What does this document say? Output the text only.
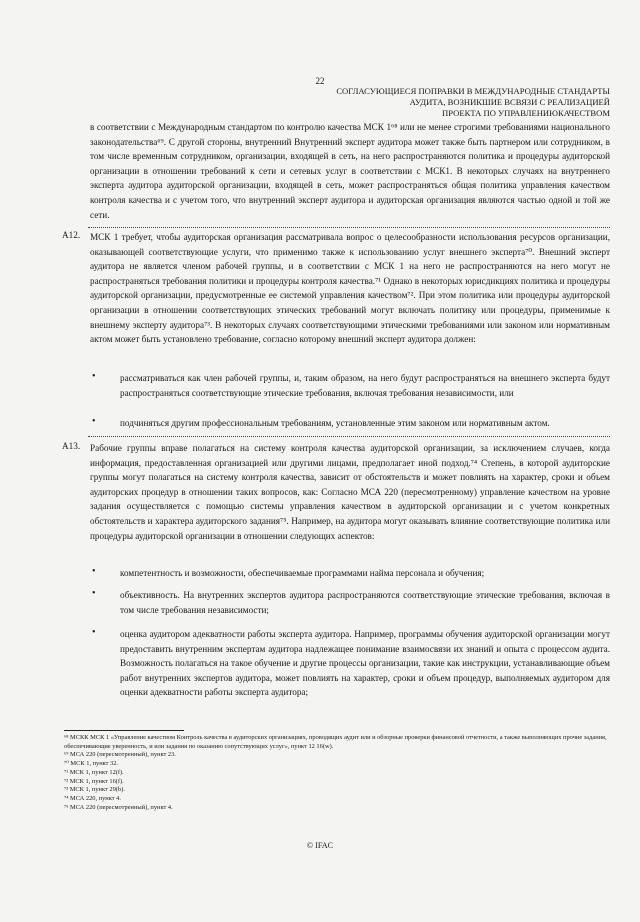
22
СОГЛАСУЮЩИЕСЯ ПОПРАВКИ В МЕЖДУНАРОДНЫЕ СТАНДАРТЫ
АУДИТА, ВОЗНИКШИЕ ВСВЯЗИ С РЕАЛИЗАЦИЕЙ
ПРОЕКТА ПО УПРАВЛЕНИЮКАЧЕСТВОМ
в соответствии с Международным стандартом по контролю качества МСК 1⁶⁸ или не менее строгими требованиями национального законодательства⁶⁹. С другой стороны, внутренний Внутренний эксперт аудитора может также быть партнером или сотрудником, в том числе временным сотрудником, организации, входящей в сеть, на него распространяются политика и процедуры аудиторской организации в отношении требований к сети и сетевых услуг в соответствии с МСК1. В некоторых случаях на внутреннего эксперта аудитора аудиторской организации, входящей в сеть, может распространяться общая политика управления качеством контроля качества и с учетом того, что внутренний эксперт аудитора и аудиторская организация являются частью одной и той же сети.
A12. МСК 1 требует, чтобы аудиторская организация рассматривала вопрос о целесообразности использования ресурсов организации, оказывающей соответствующие услуги, что применимо также к использованию услуг внешнего эксперта⁷⁰. Внешний эксперт аудитора не является членом рабочей группы, и в соответствии с МСК 1 на него не распространяются на него могут не распространяться требования политики и процедуры контроля качества.⁷¹ Однако в некоторых юрисдикциях политика и процедуры аудиторской организации, предусмотренные ее системой управления качеством⁷². При этом политика или процедуры аудиторской организации в отношении соответствующих этических требований могут включать политику или процедуры, применимые к внешнему эксперту аудитора⁷³. В некоторых случаях соответствующими этическими требованиями или законом или нормативным актом может быть установлено требование, согласно которому внешний эксперт аудитора должен:
•	рассматриваться как член рабочей группы, и, таким образом, на него будут распространяться на внешнего эксперта будут распространяться соответствующие этические требования, включая требования независимости, или
•	подчиняться другим профессиональным требованиям, установленные этим законом или нормативным актом.
A13. Рабочие группы вправе полагаться на систему контроля качества аудиторской организации, за исключением случаев, когда информация, предоставленная организацией или другими лицами, предполагает иной подход.⁷⁴ Степень, в которой аудиторские группы могут полагаться на систему контроля качества, зависит от обстоятельств и может повлиять на характер, сроки и объем аудиторских процедур в отношении таких вопросов, как: Согласно МСА 220 (пересмотренному) управление качеством на уровне задания осуществляется с помощью системы управления качеством в аудиторской организации и с учетом конкретных обстоятельств и характера аудиторского задания⁷⁵. Например, на аудитора могут оказывать влияние соответствующие политика или процедуры аудиторской организации в отношении следующих аспектов:
•	компетентность и возможности, обеспечиваемые программами найма персонала и обучения;
•	объективность. На внутренних экспертов аудитора распространяются соответствующие этические требования, включая в том числе требования независимости;
•	оценка аудитором адекватности работы эксперта аудитора. Например, программы обучения аудиторской организации могут предоставить внутренним экспертам аудитора надлежащее понимание взаимосвязи их знаний и опыта с процессом аудита. Возможность полагаться на такое обучение и другие процессы организации, такие как инструкции, устанавливающие объем работ внутренних экспертов аудитора, может повлиять на характер, сроки и объем процедур, выполняемых аудитором для оценки адекватности работы эксперта аудитора;
⁶⁸ МСКК МСК 1 «Управление качеством Контроль качества в аудиторских организациях, проводящих аудит или и обзорные проверки финансовой отчетности, а также выполняющих прочие задания, обеспечивающие уверенность, и или задания по оказанию сопутствующих услуг», пункт 12 16(w).
⁶⁹ МСА 220 (пересмотренный), пункт 23.
⁷⁰ МСК 1, пункт 32.
⁷¹ МСК 1, пункт 12(f).
⁷² МСК 1, пункт 16(f).
⁷³ МСК 1, пункт 29(b).
⁷⁴ МСА 220, пункт 4.
⁷⁵ МСА 220 (пересмотренный), пункт 4.
© IFAC
